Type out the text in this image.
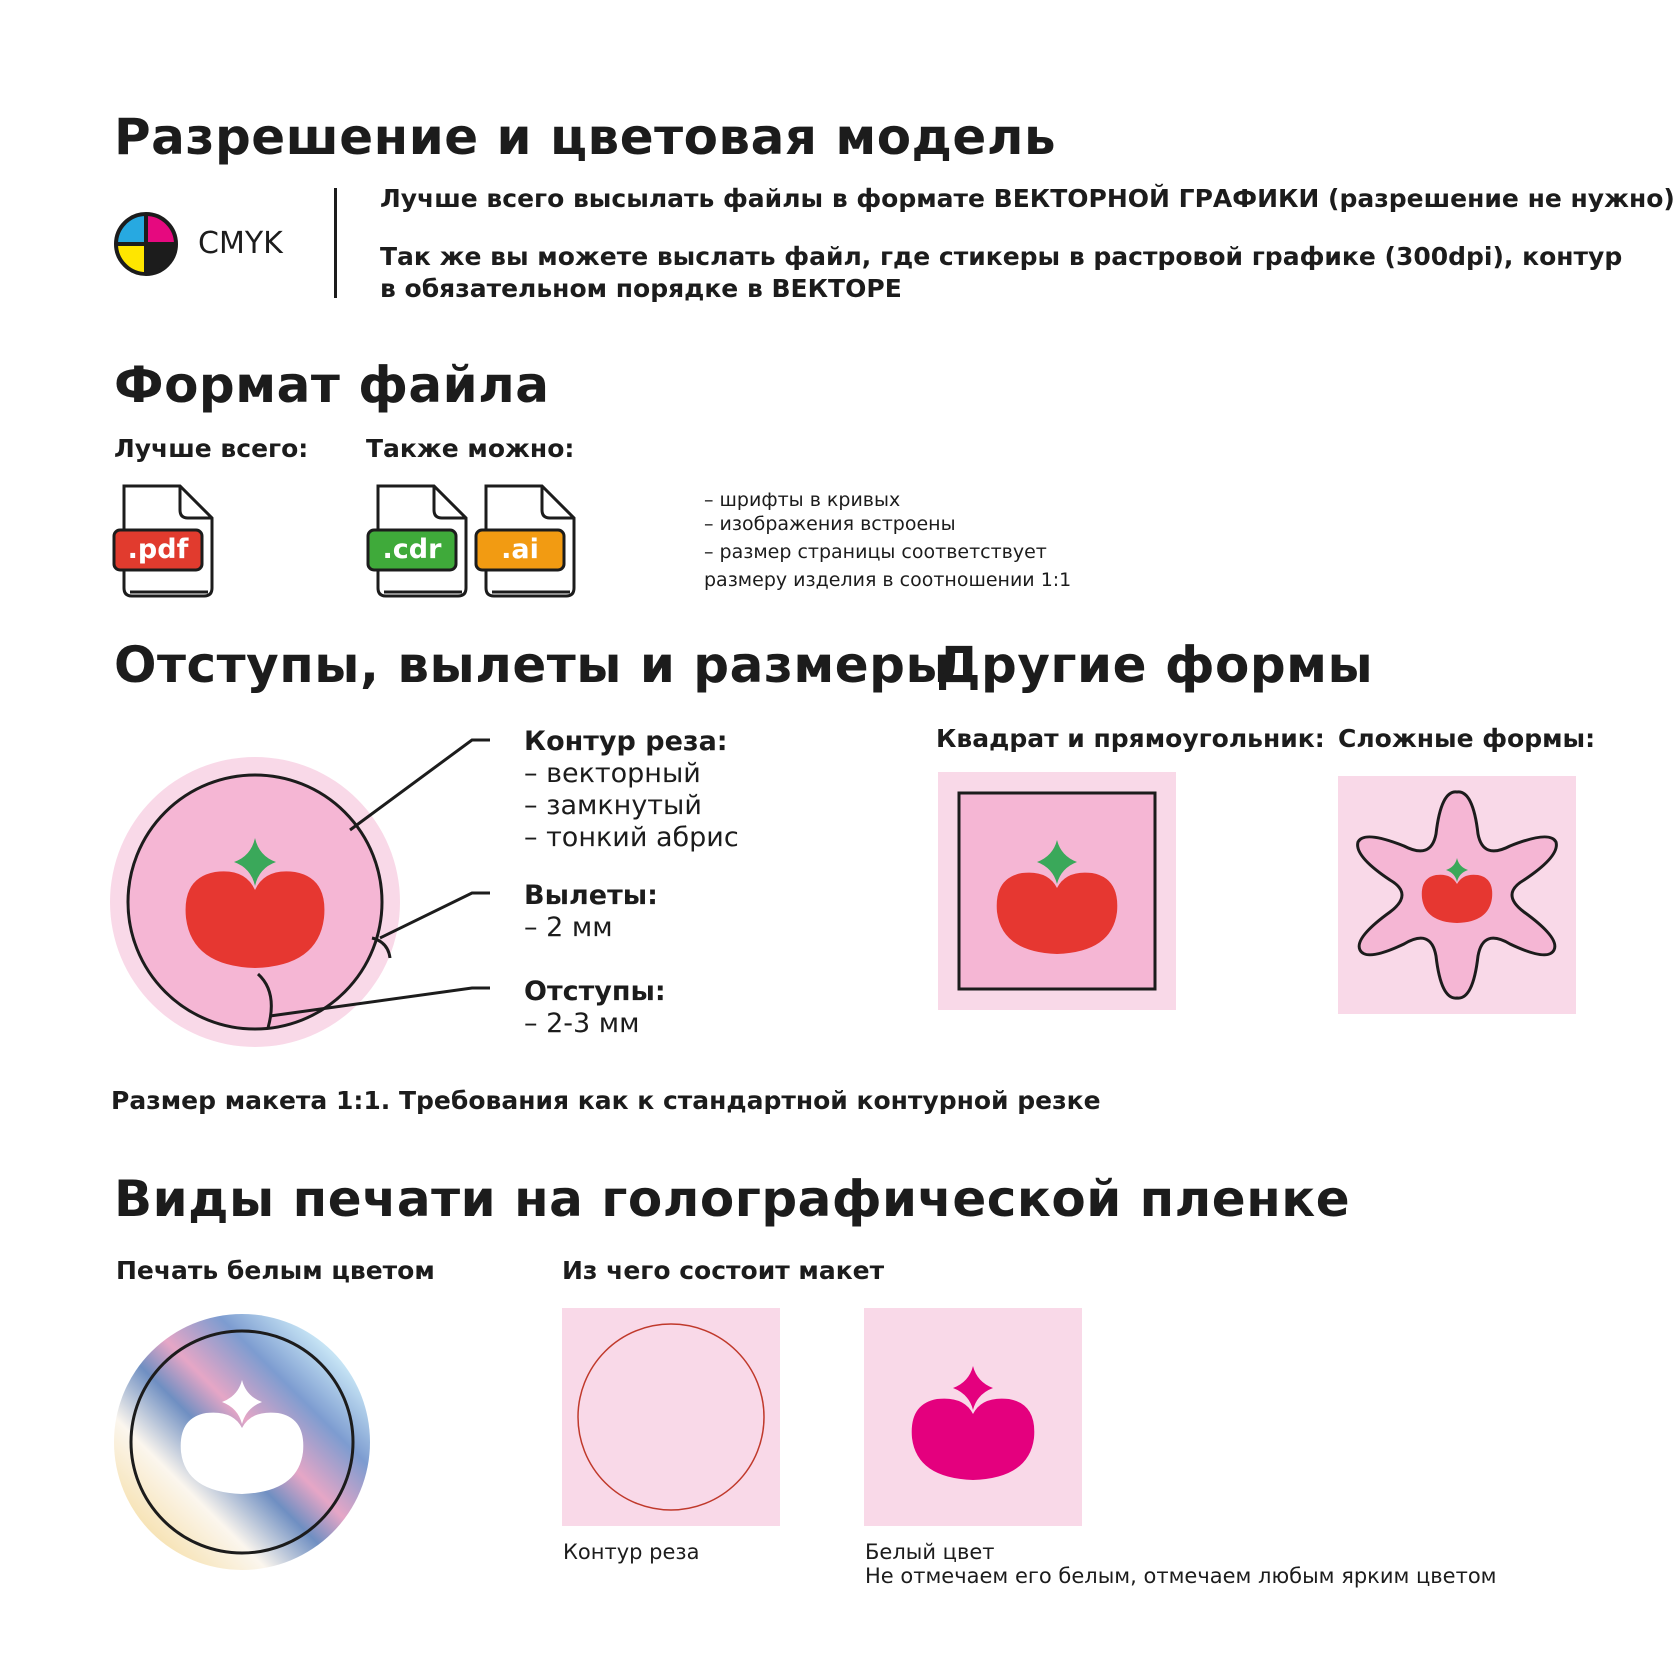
Разрешение и цветовая модель
CMYK
Лучше всего высылать файлы в формате ВЕКТОРНОЙ ГРАФИКИ (разрешение не нужно)
Так же вы можете выслать файл, где стикеры в растровой графике (300dpi), контур
в обязательном порядке в ВЕКТОРЕ
Формат файла
Лучше всего: Также можно:
.pdf	.cdr	.ai
– шрифты в кривых
– изображения встроены
– размер страницы соответствует
размеру изделия в соотношении 1:1
Отступы, вылеты и размеры
Контур реза:
– векторный
– замкнутый
– тонкий абрис
Вылеты:
– 2 мм
Отступы:
– 2-3 мм
Размер макета 1:1. Требования как к стандартной контурной резке
Другие формы
Квадрат и прямоугольник: Сложные формы:
Виды печати на голографической пленке
Печать белым цветом	Из чего состоит макет
Контур реза	Белый цвет
Не отмечаем его белым, отмечаем любым ярким цветом
